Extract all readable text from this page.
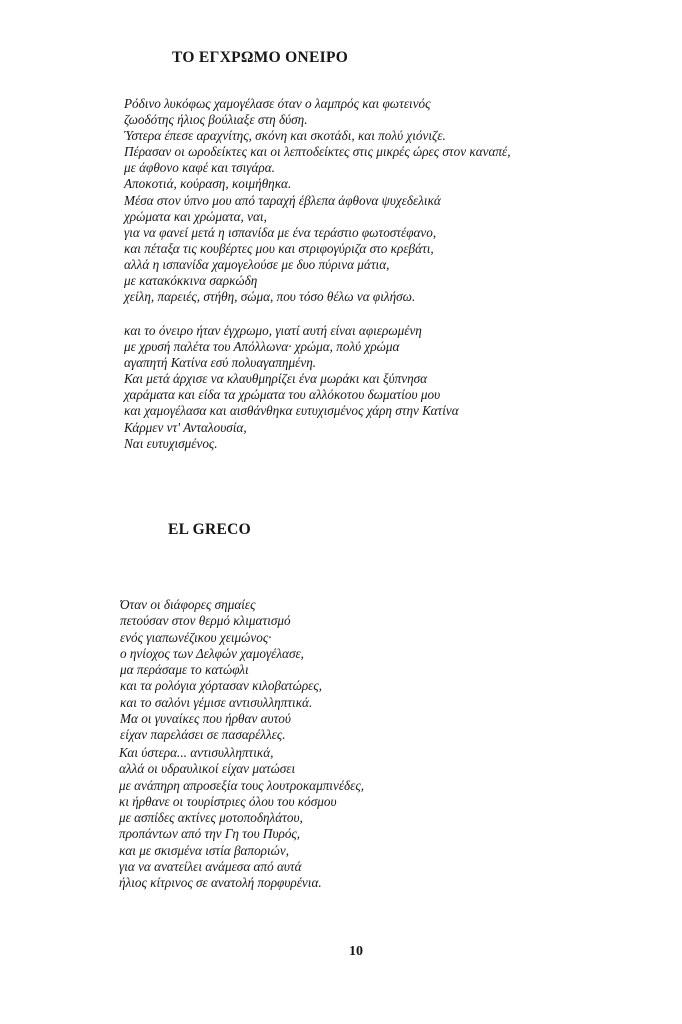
ΤΟ ΕΓΧΡΩΜΟ ΟΝΕΙΡΟ
Ρόδινο λυκόφως χαμογέλασε όταν ο λαμπρός και φωτεινός
ζωοδότης ήλιος βούλιαξε στη δύση.
Ύστερα έπεσε αραχνίτης, σκόνη και σκοτάδι, και πολύ χιόνιζε.
Πέρασαν οι ωροδείκτες και οι λεπτοδείκτες στις μικρές ώρες στον καναπέ,
με άφθονο καφέ και τσιγάρα.
Αποκοτιά, κούραση, κοιμήθηκα.
Μέσα στον ύπνο μου από ταραχή έβλεπα άφθονα ψυχεδελικά
χρώματα και χρώματα, ναι,
για να φανεί μετά η ισπανίδα με ένα τεράστιο φωτοστέφανο,
και πέταξα τις κουβέρτες μου και στριφογύριζα στο κρεβάτι,
αλλά η ισπανίδα χαμογελούσε με δυο πύρινα μάτια,
με κατακόκκινα σαρκώδη
χείλη, παρειές, στήθη, σώμα, που τόσο θέλω να φιλήσω.
και το όνειρο ήταν έγχρωμο, γιατί αυτή είναι αφιερωμένη
με χρυσή παλέτα του Απόλλωνα· χρώμα, πολύ χρώμα
αγαπητή Κατίνα εσύ πολυαγαπημένη.
Και μετά άρχισε να κλαυθμηρίζει ένα μωράκι και ξύπνησα
χαράματα και είδα τα χρώματα του αλλόκοτου δωματίου μου
και χαμογέλασα και αισθάνθηκα ευτυχισμένος χάρη στην Κατίνα
Κάρμεν ντ' Ανταλουσία,
Ναι ευτυχισμένος.
EL GRECO
Όταν οι διάφορες σημαίες
πετούσαν στον θερμό κλιματισμό
ενός γιαπωνέζικου χειμώνος·
ο ηνίοχος των Δελφών χαμογέλασε,
μα περάσαμε το κατώφλι
και τα ρολόγια χόρτασαν κιλοβατώρες,
και το σαλόνι γέμισε αντισυλληπτικά.
Μα οι γυναίκες που ήρθαν αυτού
είχαν παρελάσει σε πασαρέλλες.
Και ύστερα... αντισυλληπτικά,
αλλά οι υδραυλικοί είχαν ματώσει
με ανάπηρη απροσεξία τους λουτροκαμπινέδες,
κι ήρθανε οι τουρίστριες όλου του κόσμου
με ασπίδες ακτίνες μοτοποδηλάτου,
προπάντων από την Γη του Πυρός,
και με σκισμένα ιστία βαποριών,
για να ανατείλει ανάμεσα από αυτά
ήλιος κίτρινος σε ανατολή πορφυρένια.

10
